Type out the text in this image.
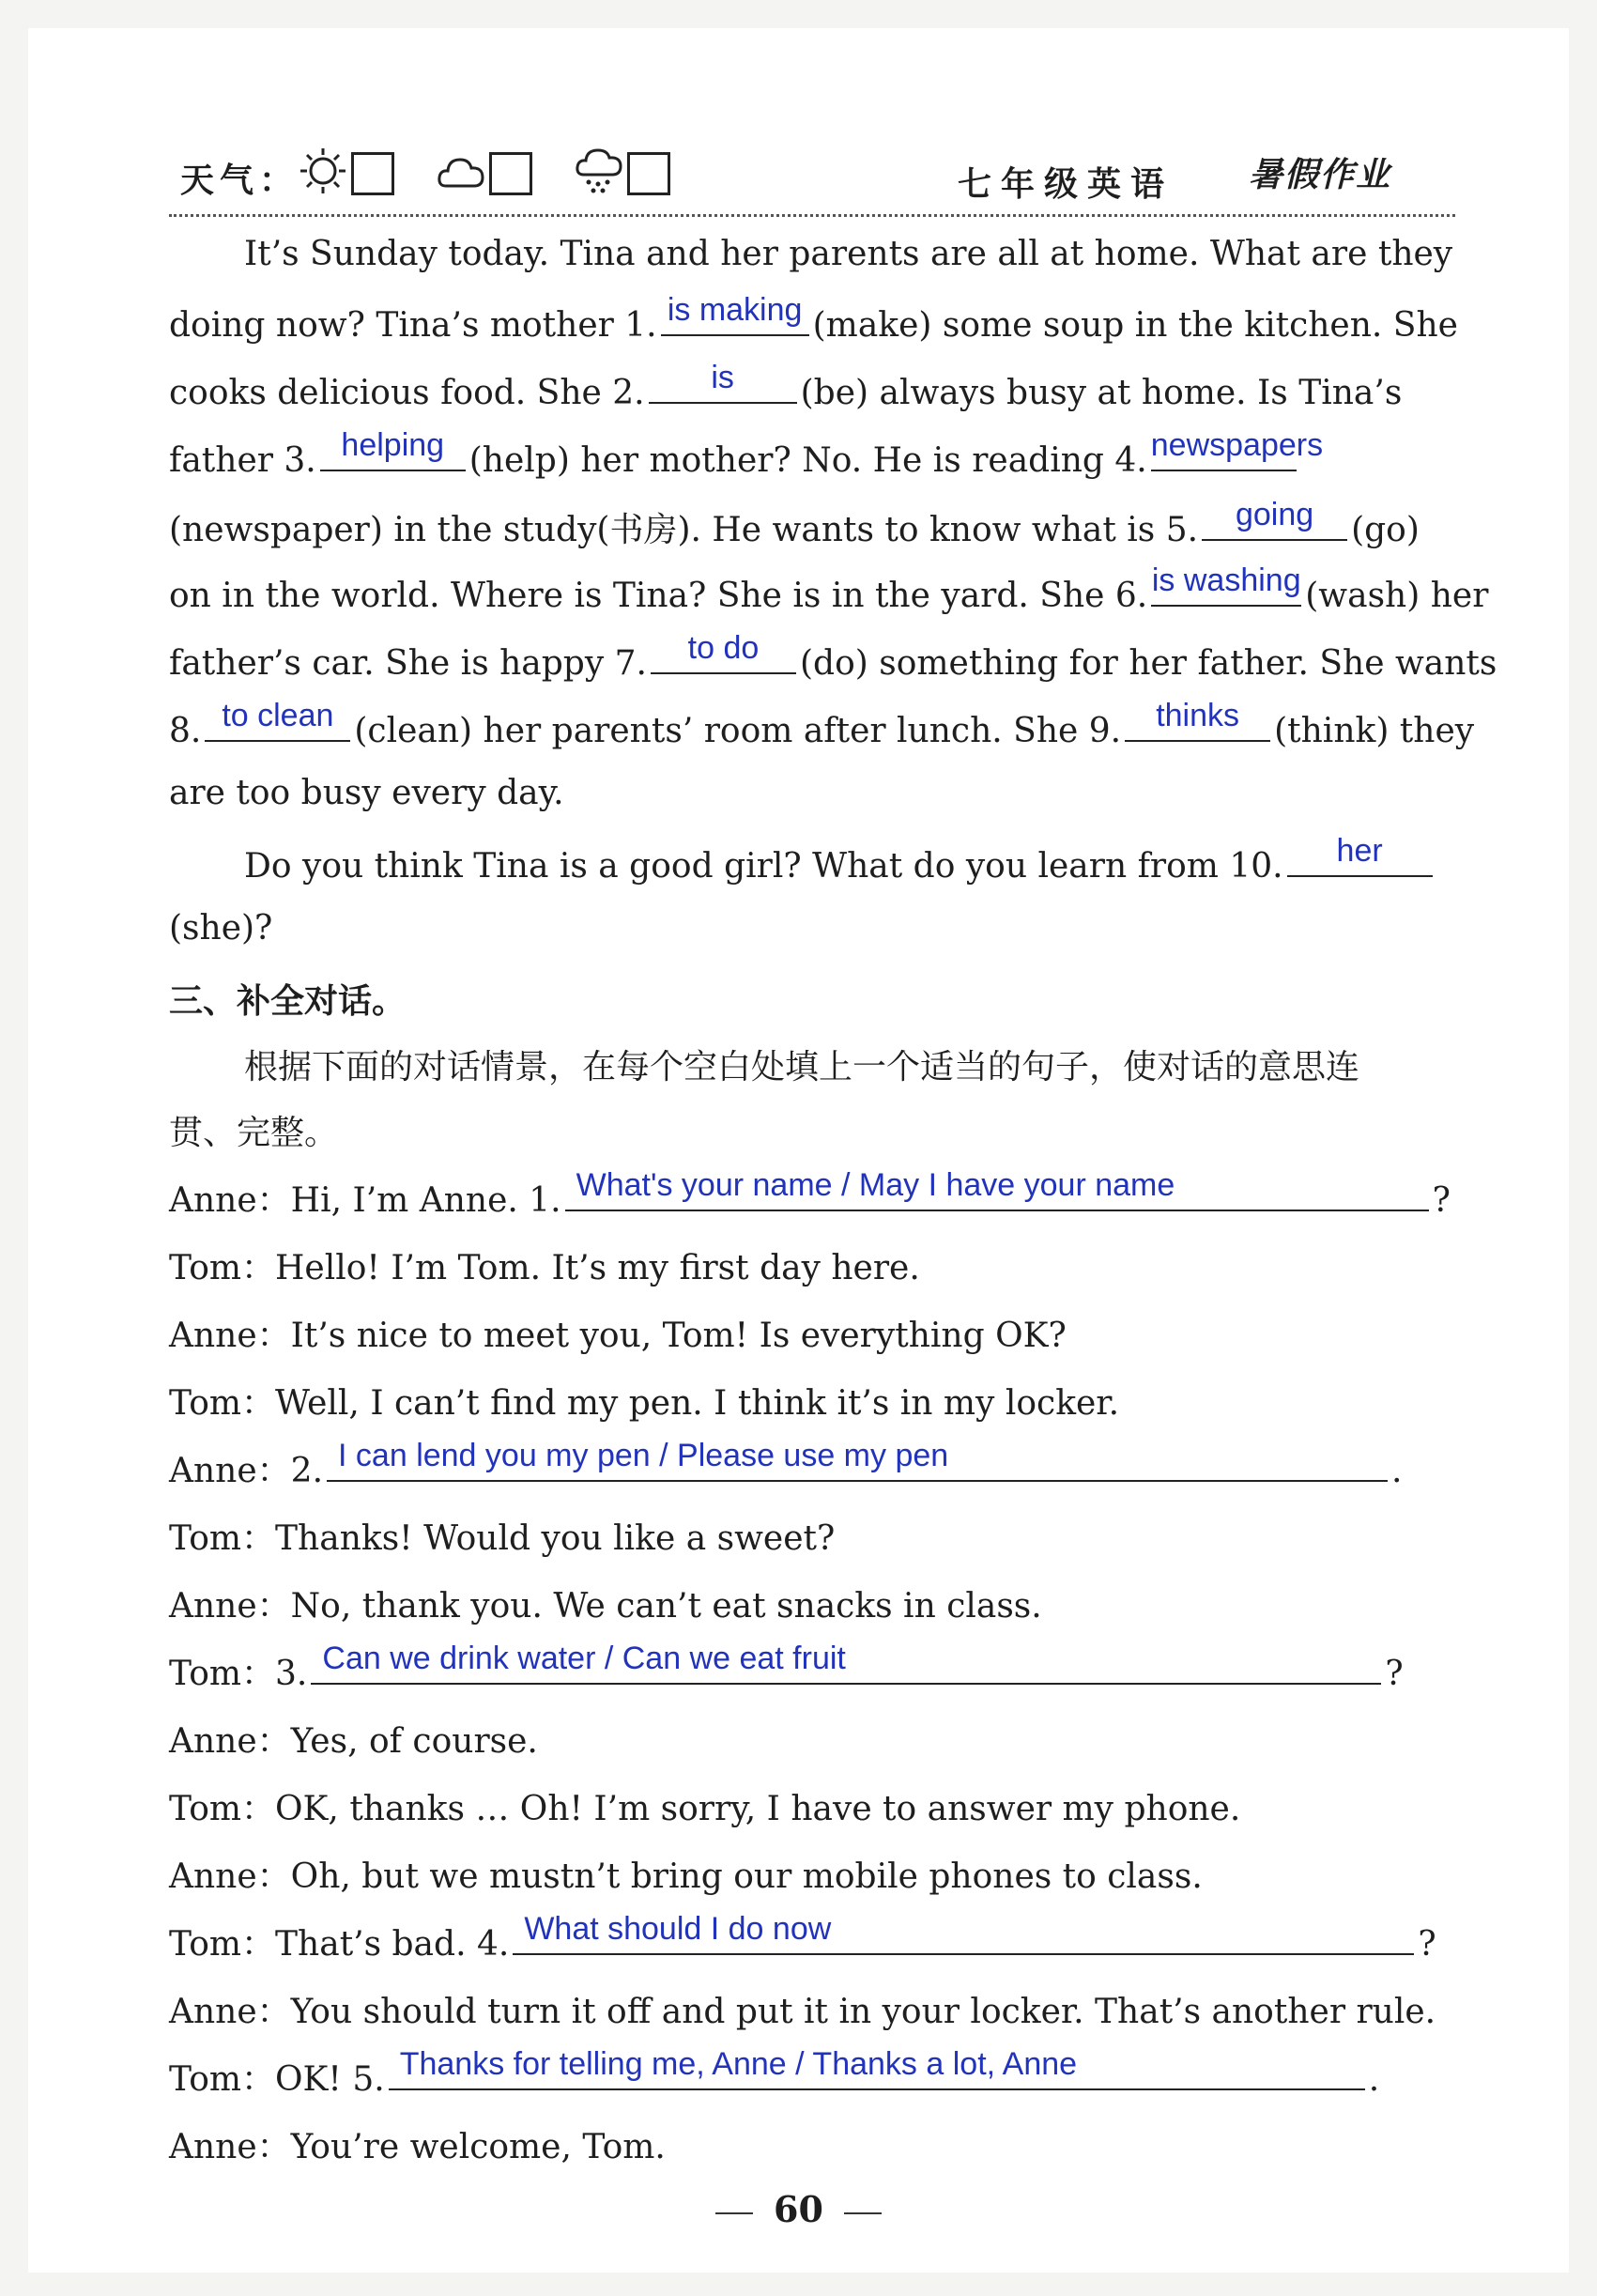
天气：	七年级英语 暑假作业
It’s Sunday today. Tina and her parents are all at home. What are they
doing now? Tina’s mother 1. is making (make) some soup in the kitchen. She
cooks delicious food. She 2.	is	(be) always busy at home. Is Tina’s
father 3. helping (help) her mother? No. He is reading 4. newspapers
(newspaper) in the study(书房). He wants to know what is 5.	going	(go)
on in the world. Where is Tina? She is in the yard. She 6. is washing (wash) her
father’s car. She is happy 7.	to do	(do) something for her father. She wants
8. to clean (clean) her parents’ room after lunch. She 9.	thinks	(think) they
are too busy every day.
Do you think Tina is a good girl? What do you learn from 10.	her
(she)?
三、补全对话。
根据下面的对话情景，在每个空白处填上一个适当的句子，使对话的意思连
贯、完整。
Anne：Hi, I’m Anne. 1. What's your name / May I have your name	?
Tom：Hello! I’m Tom. It’s my first day here.
Anne：It’s nice to meet you, Tom! Is everything OK?
Tom：Well, I can’t find my pen. I think it’s in my locker.
Anne：2. I can lend you my pen / Please use my pen	.
Tom：Thanks! Would you like a sweet?
Anne：No, thank you. We can’t eat snacks in class.
Tom：3. Can we drink water / Can we eat fruit	?
Anne：Yes, of course.
Tom：OK, thanks … Oh! I’m sorry, I have to answer my phone.
Anne：Oh, but we mustn’t bring our mobile phones to class.
Tom：That’s bad. 4. What should I do now	?
Anne：You should turn it off and put it in your locker. That’s another rule.
Tom：OK! 5. Thanks for telling me, Anne / Thanks a lot, Anne	.
Anne：You’re welcome, Tom.
60
